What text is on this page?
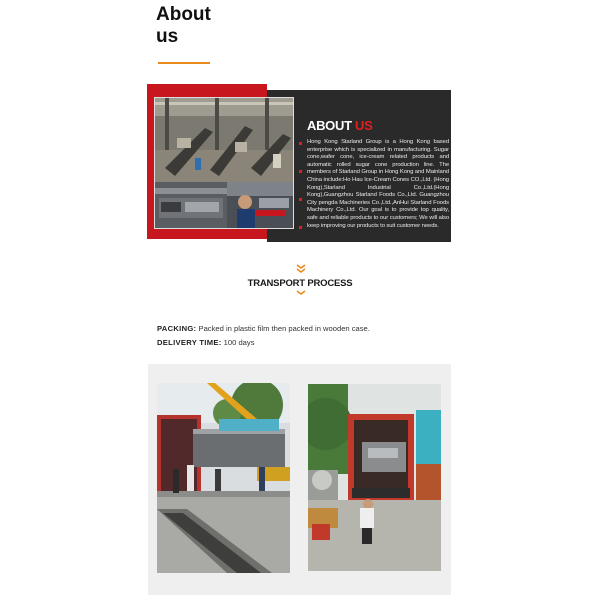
About
us
ABOUT US
Hong Kong Starland Group is a Hong Kong based enterprise which is specialized in manufacturing. Sugar cone,wafer cone, ice-cream related products and automatic rolled sugar cone production line. The members of Starland Group in Hong Kong and Mainland China include:Ho Hau Ice-Cream Cones CO.,Ltd. (Hong Kong),Starland Industrial Co.,Ltd.(Hong Kong),Guangzhou Starland Foods Co.,Ltd. Guangzhou City pengda Machineries Co.,Ltd.,AnHui Starland Foods Machinery Co.,Ltd. Our goal is to provide top quality, safe and reliable products to our customers; We will also keep improving our products to suit customer needs.
TRANSPORT PROCESS
PACKING: Packed in plastic film then packed in wooden case.
DELIVERY TIME: 100 days
